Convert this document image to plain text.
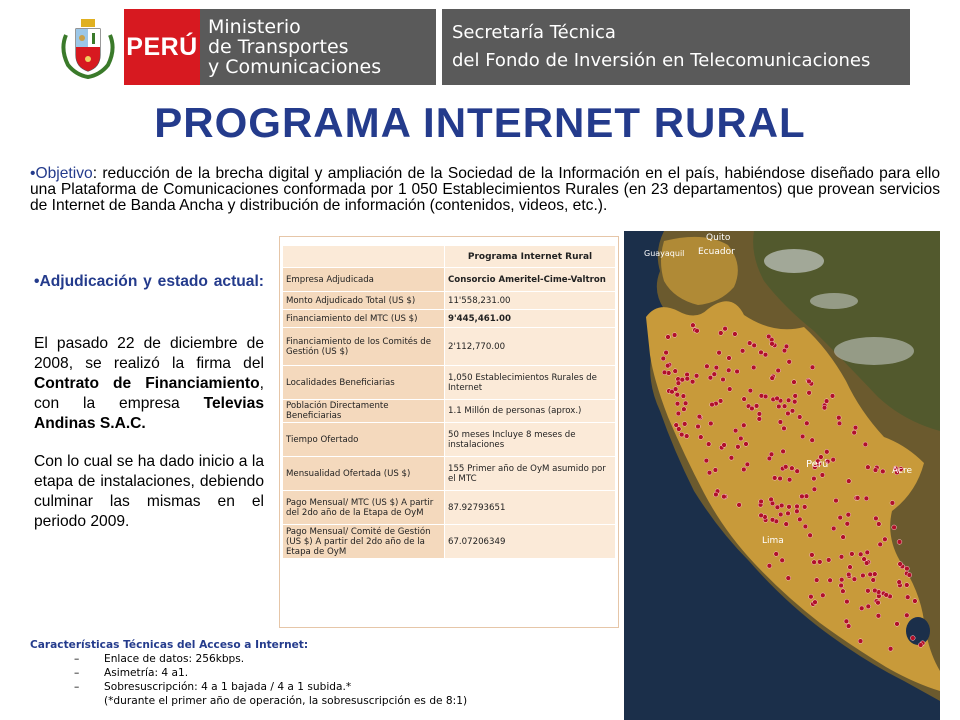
PERÚ
Ministerio
de Transportes
y Comunicaciones
Secretaría Técnica
del Fondo de Inversión en Telecomunicaciones
PROGRAMA INTERNET RURAL
•Objetivo: reducción de la brecha digital y ampliación de la Sociedad de la Información en el país, habiéndose diseñado para ello una Plataforma de Comunicaciones conformada por 1 050 Establecimientos Rurales (en 23 departamentos) que provean servicios de Internet de Banda Ancha y distribución de información (contenidos, videos, etc.).
•Adjudicación y estado actual:

El pasado 22 de diciembre de 2008, se realizó la firma del Contrato de Financiamiento, con la empresa Televias Andinas S.A.C.

Con lo cual se ha dado inicio a la etapa de instalaciones, debiendo culminar las mismas en el periodo 2009.

	Programa Internet Rural
Empresa Adjudicada	Consorcio Ameritel-Cime-Valtron
Monto Adjudicado Total (US $)	11'558,231.00
Financiamiento del MTC (US $)	9'445,461.00
Financiamiento de los Comités de Gestión (US $)	2'112,770.00
Localidades Beneficiarias	1,050 Establecimientos Rurales de Internet
Población Directamente Beneficiarias	1.1 Millón de personas (aprox.)
Tiempo Ofertado	50 meses Incluye 8 meses de instalaciones
Mensualidad Ofertada (US $)	155 Primer año de OyM asumido por el MTC
Pago Mensual/ MTC (US $) A partir del 2do año de la Etapa de OyM	87.92793651
Pago Mensual/ Comité de Gestión (US $) A partir del 2do año de la Etapa de OyM	67.07206349
Quito
Guayaquil Ecuador
Perú
Acre
Lima
Características Técnicas del Acceso a Internet:
– Enlace de datos: 256kbps.
– Asimetría: 4 a1.
– Sobresuscripción: 4 a 1 bajada / 4 a 1 subida.*
(*durante el primer año de operación, la sobresuscripción es de 8:1)
